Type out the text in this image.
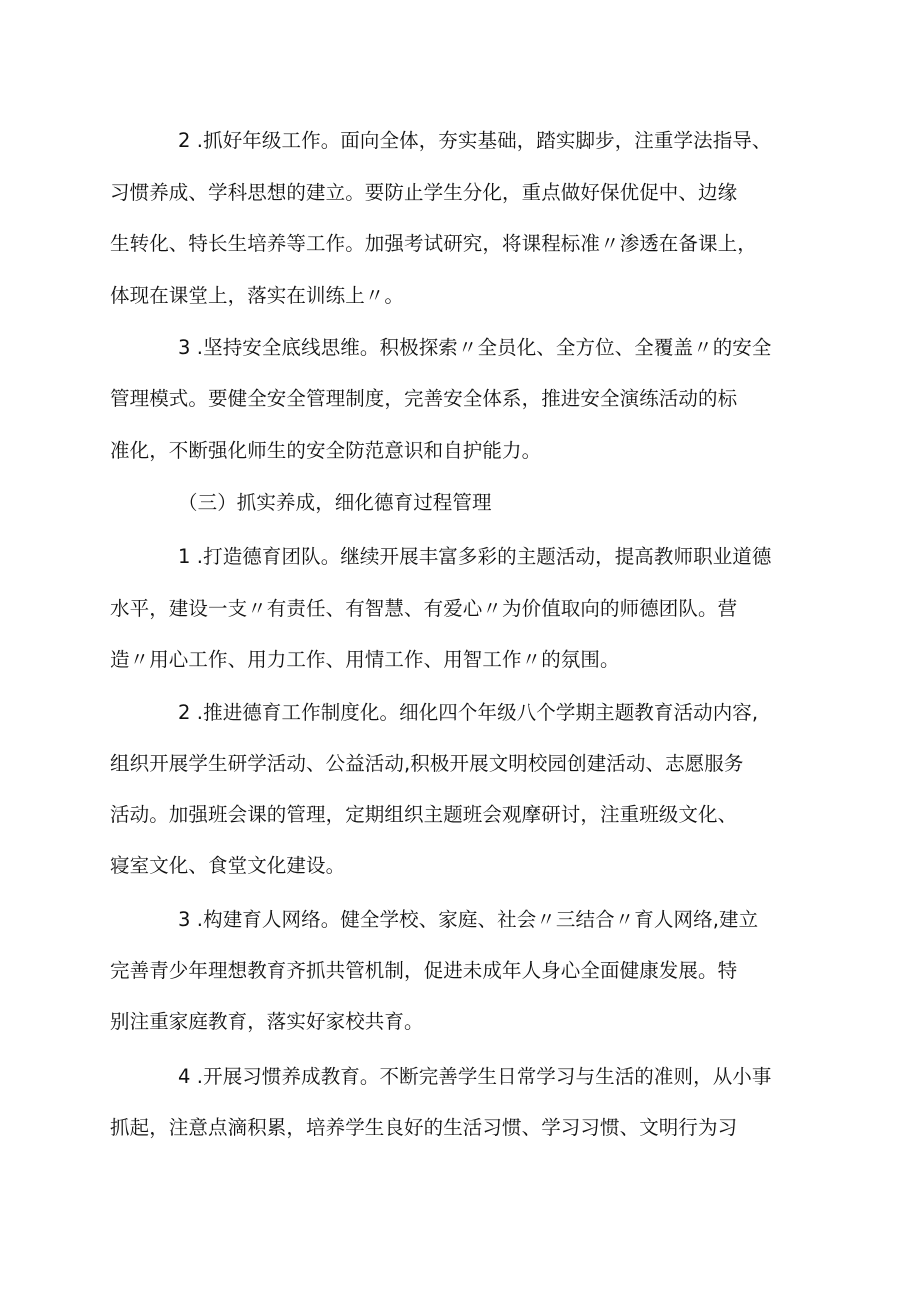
2 .抓好年级工作。面向全体，夯实基础，踏实脚步，注重学法指导、

习惯养成、学科思想的建立。要防止学生分化，重点做好保优促中、边缘

生转化、特长生培养等工作。加强考试研究，将课程标准〃渗透在备课上，

体现在课堂上，落实在训练上〃。

3 .坚持安全底线思维。积极探索〃全员化、全方位、全覆盖〃的安全

管理模式。要健全安全管理制度，完善安全体系，推进安全演练活动的标

准化，不断强化师生的安全防范意识和自护能力。

（三）抓实养成，细化德育过程管理

1 .打造德育团队。继续开展丰富多彩的主题活动，提高教师职业道德

水平，建设一支〃有责任、有智慧、有爱心〃为价值取向的师德团队。营

造〃用心工作、用力工作、用情工作、用智工作〃的氛围。

2 .推进德育工作制度化。细化四个年级八个学期主题教育活动内容,

组织开展学生研学活动、公益活动,积极开展文明校园创建活动、志愿服务

活动。加强班会课的管理，定期组织主题班会观摩研讨，注重班级文化、

寝室文化、食堂文化建设。

3 .构建育人网络。健全学校、家庭、社会〃三结合〃育人网络,建立

完善青少年理想教育齐抓共管机制，促进未成年人身心全面健康发展。特

别注重家庭教育，落实好家校共育。

4 .开展习惯养成教育。不断完善学生日常学习与生活的准则，从小事

抓起，注意点滴积累，培养学生良好的生活习惯、学习习惯、文明行为习
